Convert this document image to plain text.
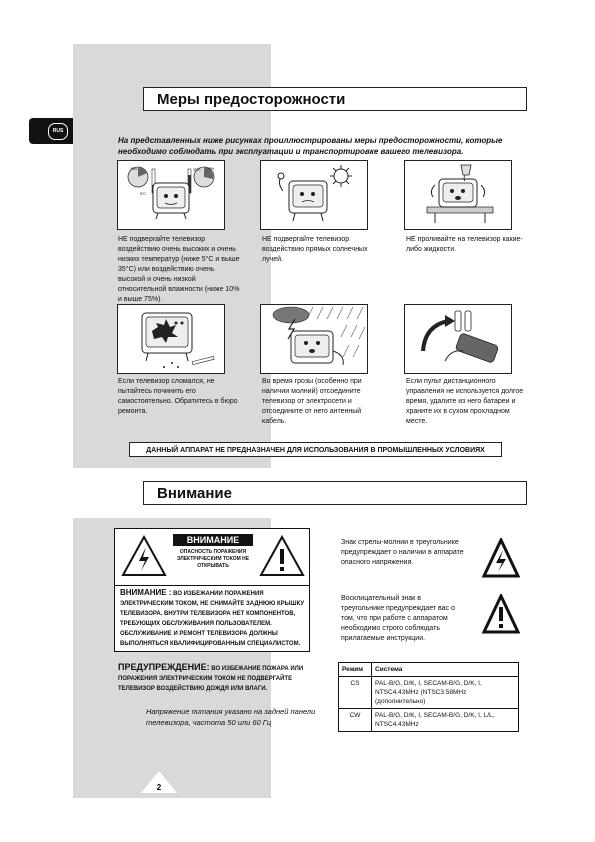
RUS
Меры предосторожности
На представленных ниже рисунках проиллюстрированы меры предосторожности, которые необходимо соблюдать при эксплуатации и транспортировке вашего телевизора.
10%	75%
5°C
35°C
НЕ подвергайте телевизор воздействию очень высоких и очень низких температур (ниже 5°C и выше 35°C) или воздействию очень высокой и очень низкой относительной влажности (ниже 10% и выше 75%).
НЕ подвергайте телевизор воздействию прямых солнечных лучей.
НЕ проливайте на телевизор какие-либо жидкости.
Если телевизор сломался, не пытайтесь починить его самостоятельно. Обратитесь в бюро ремонта.
Во время грозы (особенно при наличии молний) отсоедините телевизор от электросети и отсоедините от него антенный кабель.
Если пульт дистанционного управления не используется долгое время, удалите из него батареи и храните их в сухом прохладном месте.
ДАННЫЙ АППАРАТ НЕ ПРЕДНАЗНАЧЕН ДЛЯ ИСПОЛЬЗОВАНИЯ В ПРОМЫШЛЕННЫХ УСЛОВИЯХ
Внимание
ВНИМАНИЕ
ОПАСНОСТЬ ПОРАЖЕНИЯ ЭЛЕКТРИЧЕСКИМ ТОКОМ НЕ ОТКРЫВАТЬ
ВНИМАНИЕ : ВО ИЗБЕЖАНИИ ПОРАЖЕНИЯ ЭЛЕКТРИЧЕСКИМ ТОКОМ, НЕ СНИМАЙТЕ ЗАДНЮЮ КРЫШКУ ТЕЛЕВИЗОРА. ВНУТРИ ТЕЛЕВИЗОРА НЕТ КОМПОНЕНТОВ, ТРЕБУЮЩИХ ОБСЛУЖИВАНИЯ ПОЛЬЗОВАТЕЛЕМ. ОБСЛУЖИВАНИЕ И РЕМОНТ ТЕЛЕВИЗОРА ДОЛЖНЫ ВЫПОЛНЯТЬСЯ КВАЛИФИЦИРОВАННЫМ СПЕЦИАЛИСТОМ.
ПРЕДУПРЕЖДЕНИЕ: ВО ИЗБЕЖАНИЕ ПОЖАРА ИЛИ ПОРАЖЕНИЯ ЭЛЕКТРИЧЕСКИМ ТОКОМ НЕ ПОДВЕРГАЙТЕ ТЕЛЕВИЗОР ВОЗДЕЙСТВИЮ ДОЖДЯ ИЛИ ВЛАГИ.
Напряжение питания указано на задней панели телевизора, частота 50 или 60 Гц
Знак стрелы-молнии в треугольнике предупреждает о наличии в аппарате опасного напряжения.
Восклицательный знак в треугольнике предупреждает вас о том, что при работе с аппаратом необходимо строго соблюдать прилагаемые инструкции.
Режим	Система
CS	PAL-B/G, D/K, I, SECAM-B/G, D/K, I, NTSC4.43MHz (NTSC3.58MHz (дополнительно)
CW	PAL-B/G, D/K, I, SECAM-B/G, D/K, I, L/L, NTSC4.43MHz
2
